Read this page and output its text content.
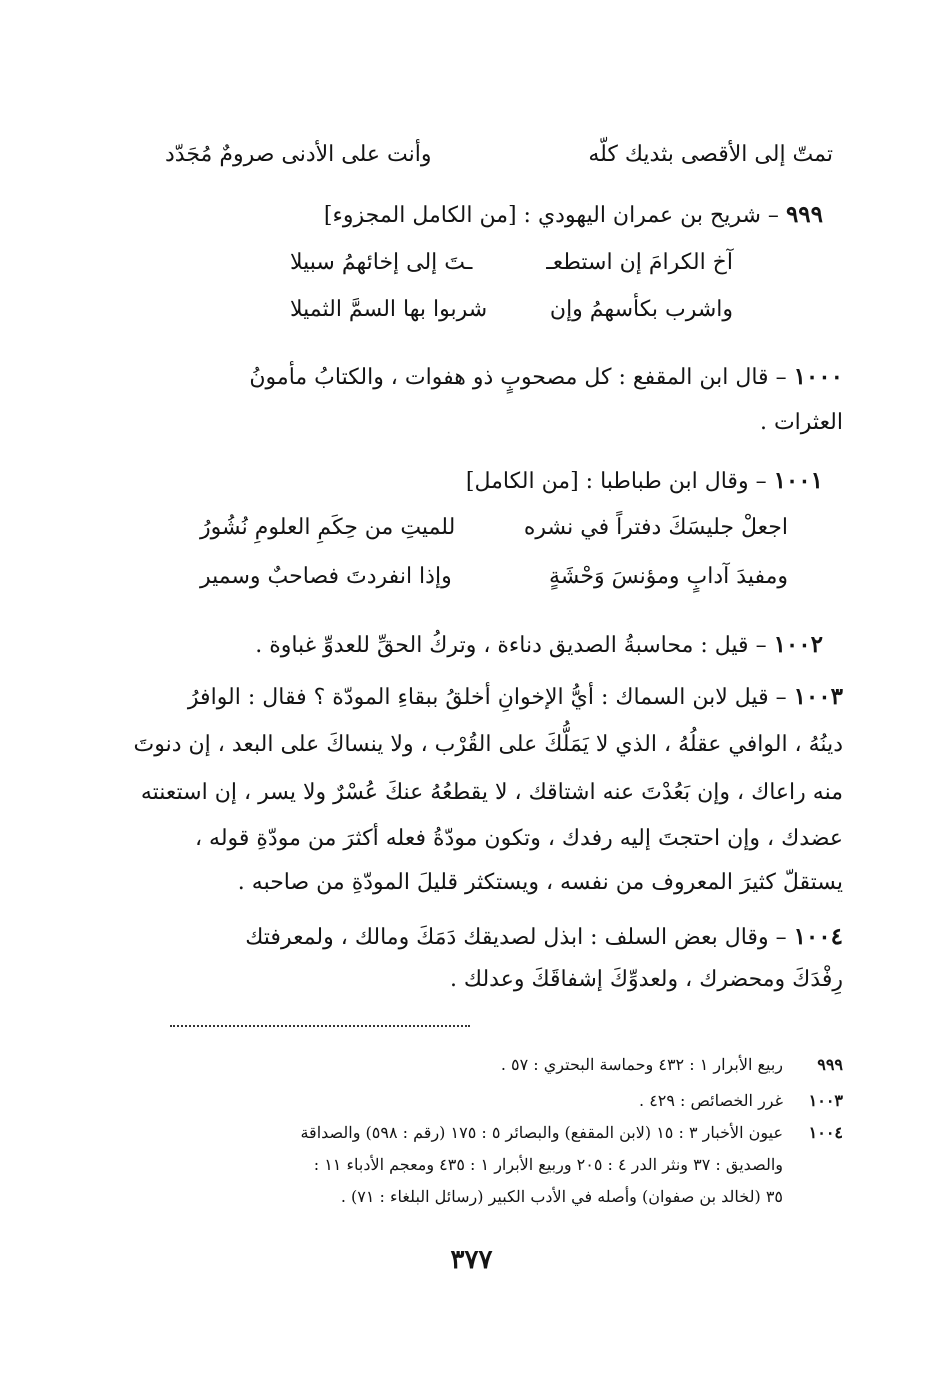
تمتّ إلى الأقصى بثديك كلّه
وأنت على الأدنى صرومٌ مُجَدّد
٩٩٩ – شريح بن عمران اليهودي : [من الكامل المجزوء]
آخ الكرامَ إن استطعـ
ـتَ إلى إخائهمُ سبيلا
واشرب بكأسهمُ وإن
شربوا بها السمَّ الثميلا
١٠٠٠ – قال ابن المقفع : كل مصحوبٍ ذو هفوات ، والكتابُ مأمونُ
العثرات .
١٠٠١ – وقال ابن طباطبا : [من الكامل]
اجعلْ جليسَكَ دفتراً في نشره
للميتِ من حِكَمِ العلومِ نُشُورُ
ومفيدَ آدابٍ ومؤنسَ وَحْشَةٍ
وإذا انفردتَ فصاحبٌ وسمير
١٠٠٢ – قيل : محاسبةُ الصديق دناءة ، وتركُ الحقِّ للعدوِّ غباوة .
١٠٠٣ – قيل لابن السماك : أيُّ الإخوانِ أخلقُ ببقاءِ المودّة ؟ فقال : الوافرُ
دينُهُ ، الوافي عقلُهُ ، الذي لا يَمَلُّكَ على القُرْب ، ولا ينساكَ على البعد ، إن دنوتَ
منه راعاك ، وإن بَعُدْتَ عنه اشتاقك ، لا يقطعُهُ عنكَ عُسْرٌ ولا يسر ، إن استعنته
عضدك ، وإن احتجتَ إليه رفدك ، وتكون مودّةُ فعله أكثرَ من مودّةِ قوله ،
يستقلّ كثيرَ المعروف من نفسه ، ويستكثر قليلَ المودّةِ من صاحبه .
١٠٠٤ – وقال بعض السلف : ابذل لصديقك دَمَكَ ومالك ، ولمعرفتك
رِفْدَكَ ومحضرك ، ولعدوِّكَ إشفاقَكَ وعدلك .
٩٩٩
ربيع الأبرار ١ : ٤٣٢ وحماسة البحتري : ٥٧ .
١٠٠٣
غرر الخصائص : ٤٢٩ .
١٠٠٤
عيون الأخبار ٣ : ١٥ (لابن المقفع) والبصائر ٥ : ١٧٥ (رقم : ٥٩٨) والصداقة
والصديق : ٣٧ ونثر الدر ٤ : ٢٠٥ وربيع الأبرار ١ : ٤٣٥ ومعجم الأدباء ١١ :
٣٥ (لخالد بن صفوان) وأصله في الأدب الكبير (رسائل البلغاء : ٧١) .
٣٧٧
